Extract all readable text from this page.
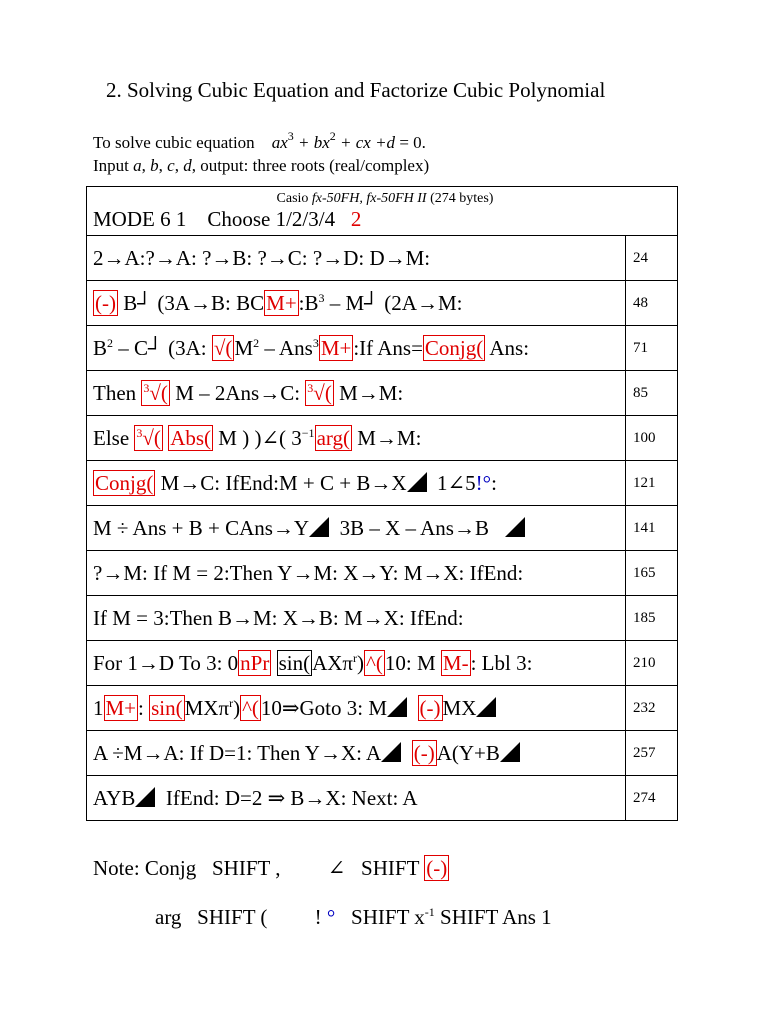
2. Solving Cubic Equation and Factorize Cubic Polynomial
To solve cubic equation $ax^3 + bx^2$ + cx +d = 0.
Input a, b, c, d, output: three roots (real/complex)
Casio fx-50FH, fx-50FH II (274 bytes)
MODE 6 1    Choose 1/2/3/4 2	

2→A:?→A: ?→B: ?→C: ?→D: D→M:	24
(-) B┘ (3A→B: $BCM+:B^3$ – M┘ (2A→M:	48
$B^2$ – C┘ (3A: $√(M^2$ – Ans$^3$M+:If Ans=Conjg( Ans:	71
Then $^3$√( M – 2Ans→C: $^3$√( M→M:	85
Else $^3$√( Abs( M ) )∠( $3^{-1}arg$( M→M:	100
Conjg( M→C: IfEnd:M + C + B→X  1∠5!°:	121
M ÷ Ans + B + CAns→Y  3B – X – Ans→B	141
?→M: If M = 2:Then Y→M: X→Y: M→X: IfEnd:	165
If M = 3:Then B→M: X→B: M→X: IfEnd:	185
For 1→D To 3: 0nPr sin(AXπ$^r$)^(10: M M-: Lbl 3:	210
1M+: sin(MXπ$^r$)^(10⇒Goto 3: M (-)MX	232
A ÷M→A: If D=1: Then Y→X: A (-)A(Y+B	257
AYB  IfEnd: D=2 ⇒ B→X: Next: A	274
Note: Conjg   SHIFT ,         ∠   SHIFT (-)
arg   SHIFT (         ! °   SHIFT $x^{-1}$ SHIFT Ans 1
